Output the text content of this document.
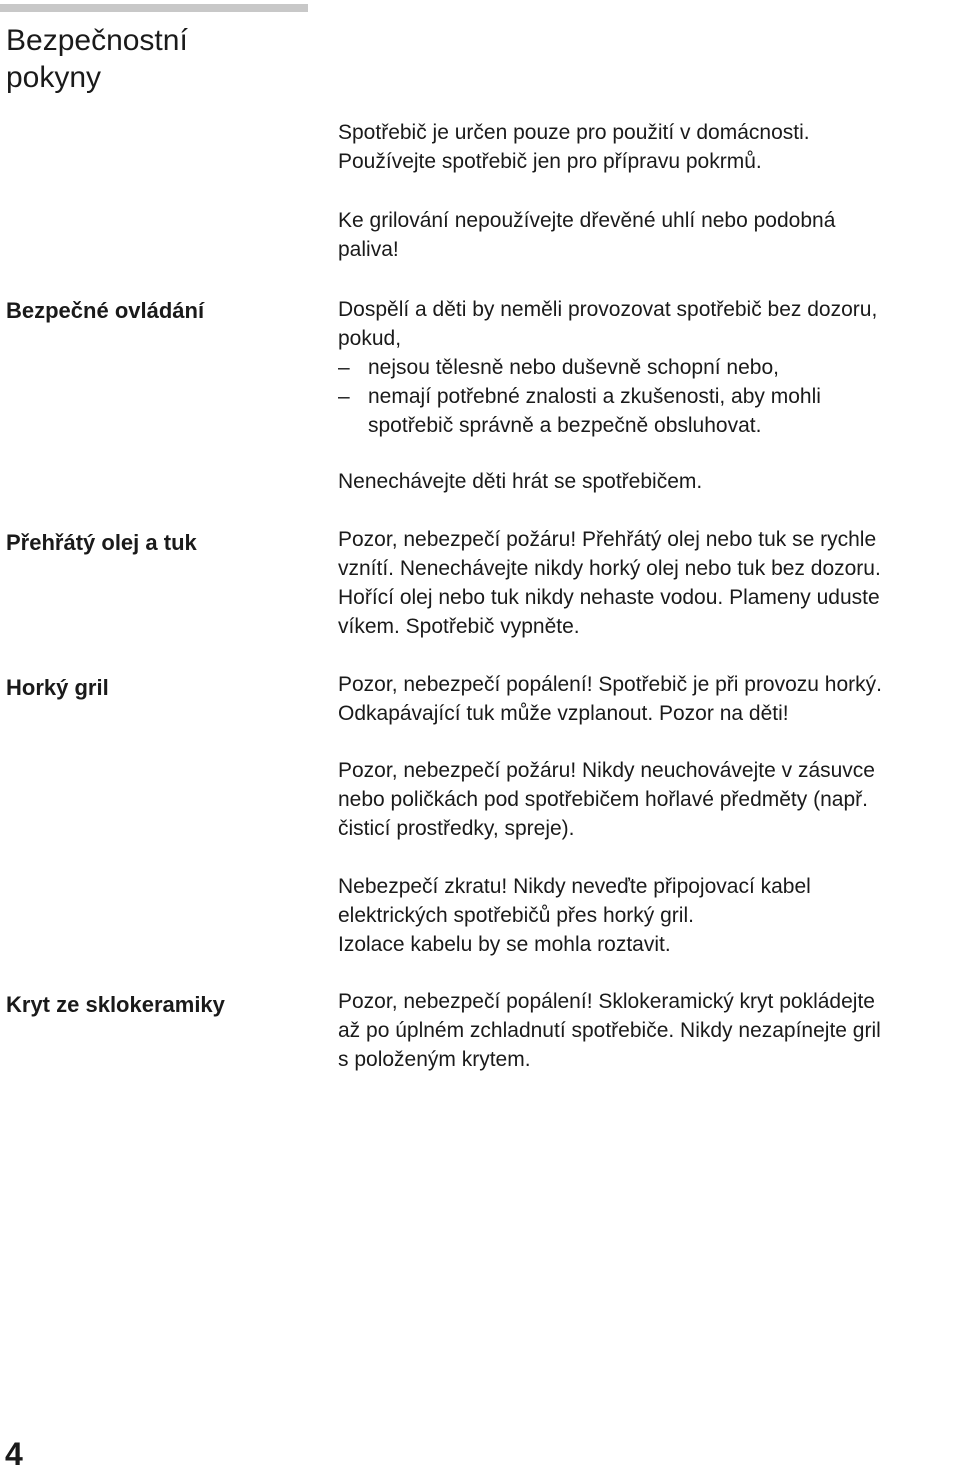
Bezpečnostní
pokyny

Spotřebič je určen pouze pro použití v domácnosti.
Používejte spotřebič jen pro přípravu pokrmů.

Ke grilování nepoužívejte dřevěné uhlí nebo podobná
paliva!

Bezpečné ovládání	Dospělí a děti by neměli provozovat spotřebič bez dozoru,
pokud,

– nejsou tělesně nebo duševně schopní nebo,
– nemají potřebné znalosti a zkušenosti, aby mohli
spotřebič správně a bezpečně obsluhovat.

Nenechávejte děti hrát se spotřebičem.

Přehřátý olej a tuk	Pozor, nebezpečí požáru! Přehřátý olej nebo tuk se rychle
vznítí. Nenechávejte nikdy horký olej nebo tuk bez dozoru.
Hořící olej nebo tuk nikdy nehaste vodou. Plameny uduste
víkem. Spotřebič vypněte.

Horký gril	Pozor, nebezpečí popálení! Spotřebič je při provozu horký.
Odkapávající tuk může vzplanout. Pozor na děti!

Pozor, nebezpečí požáru! Nikdy neuchovávejte v zásuvce
nebo poličkách pod spotřebičem hořlavé předměty (např.
čisticí prostředky, spreje).

Nebezpečí zkratu! Nikdy neveďte připojovací kabel
elektrických spotřebičů přes horký gril.
Izolace kabelu by se mohla roztavit.

Kryt ze sklokeramiky	Pozor, nebezpečí popálení! Sklokeramický kryt pokládejte
až po úplném zchladnutí spotřebiče. Nikdy nezapínejte gril
s položeným krytem.

4
